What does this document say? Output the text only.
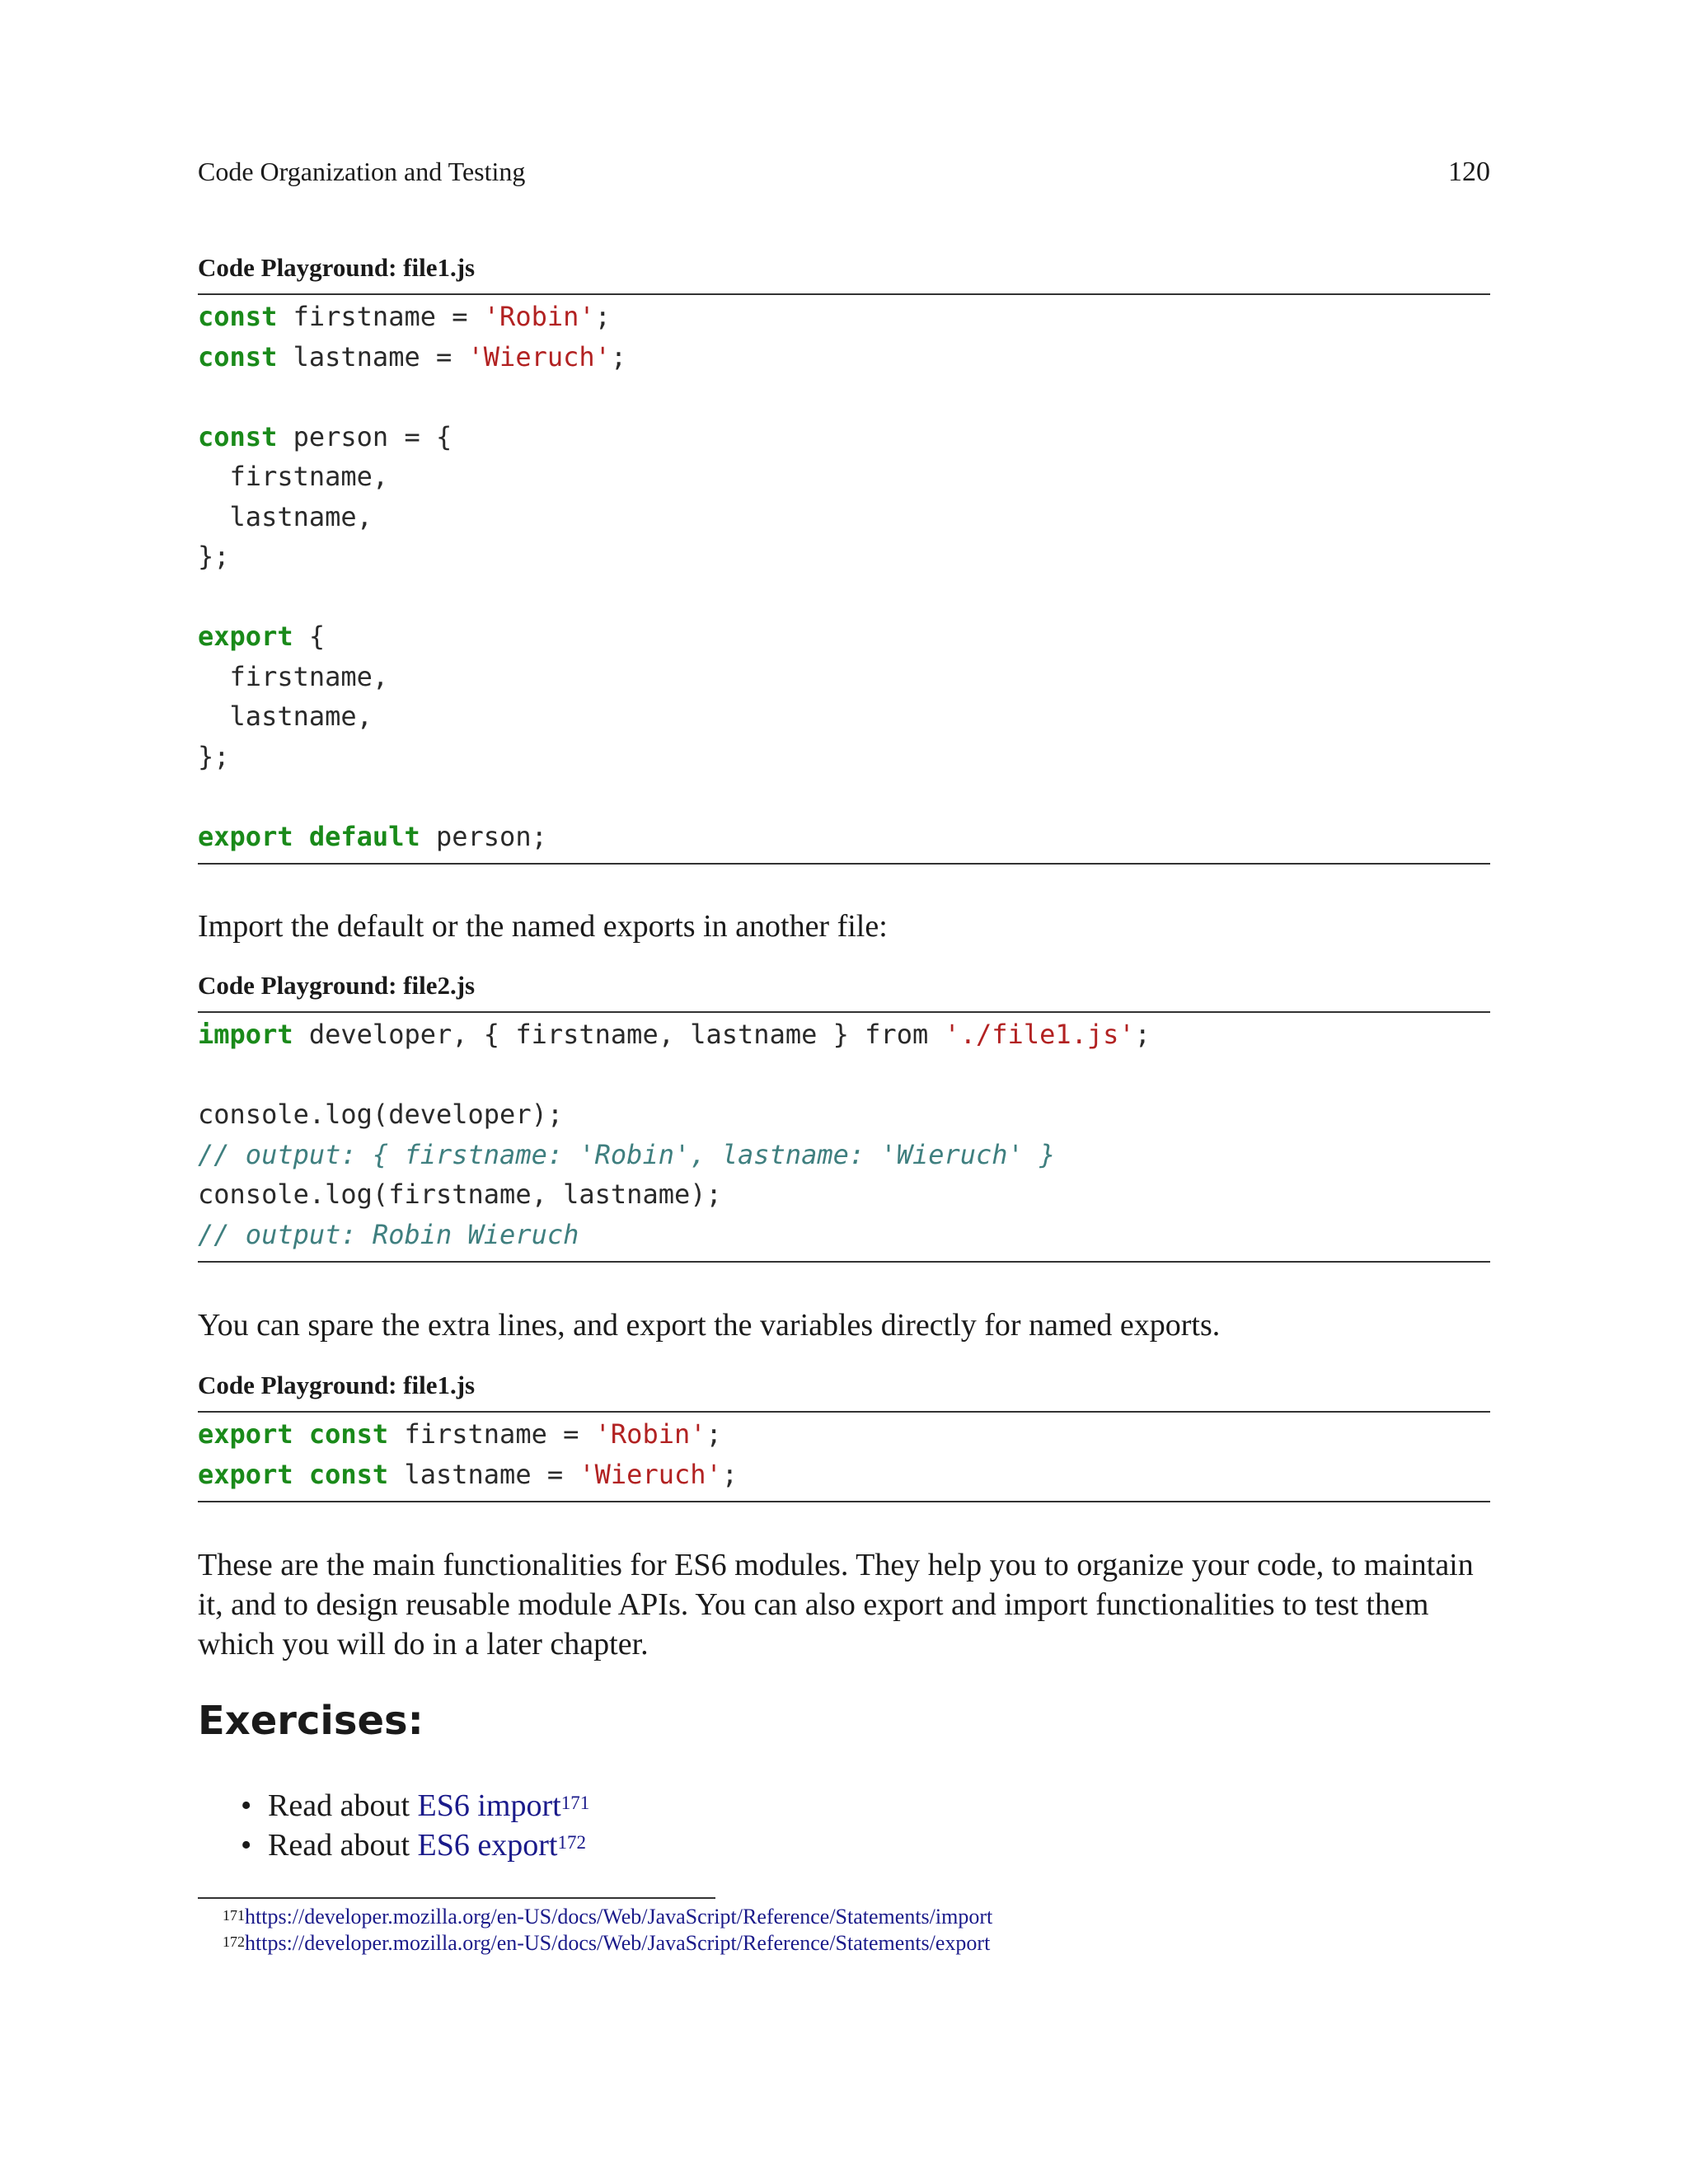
Code Organization and Testing	120
Code Playground: file1.js
const firstname = 'Robin';
const lastname = 'Wieruch';

const person = {
firstname,
lastname,
};

export {
firstname,
lastname,
};

export default person;
Import the default or the named exports in another file:
Code Playground: file2.js
import developer, { firstname, lastname } from './file1.js';

console.log(developer);
// output: { firstname: 'Robin', lastname: 'Wieruch' }
console.log(firstname, lastname);
// output: Robin Wieruch
You can spare the extra lines, and export the variables directly for named exports.
Code Playground: file1.js
export const firstname = 'Robin';
export const lastname = 'Wieruch';
These are the main functionalities for ES6 modules. They help you to organize your code, to maintain it, and to design reusable module APIs. You can also export and import functionalities to test them which you will do in a later chapter.
Exercises:
• Read about ES6 import$^{171}$
• Read about ES6 export$^{172}$
$^{171}$https://developer.mozilla.org/en-US/docs/Web/JavaScript/Reference/Statements/import
$^{172}$https://developer.mozilla.org/en-US/docs/Web/JavaScript/Reference/Statements/export
